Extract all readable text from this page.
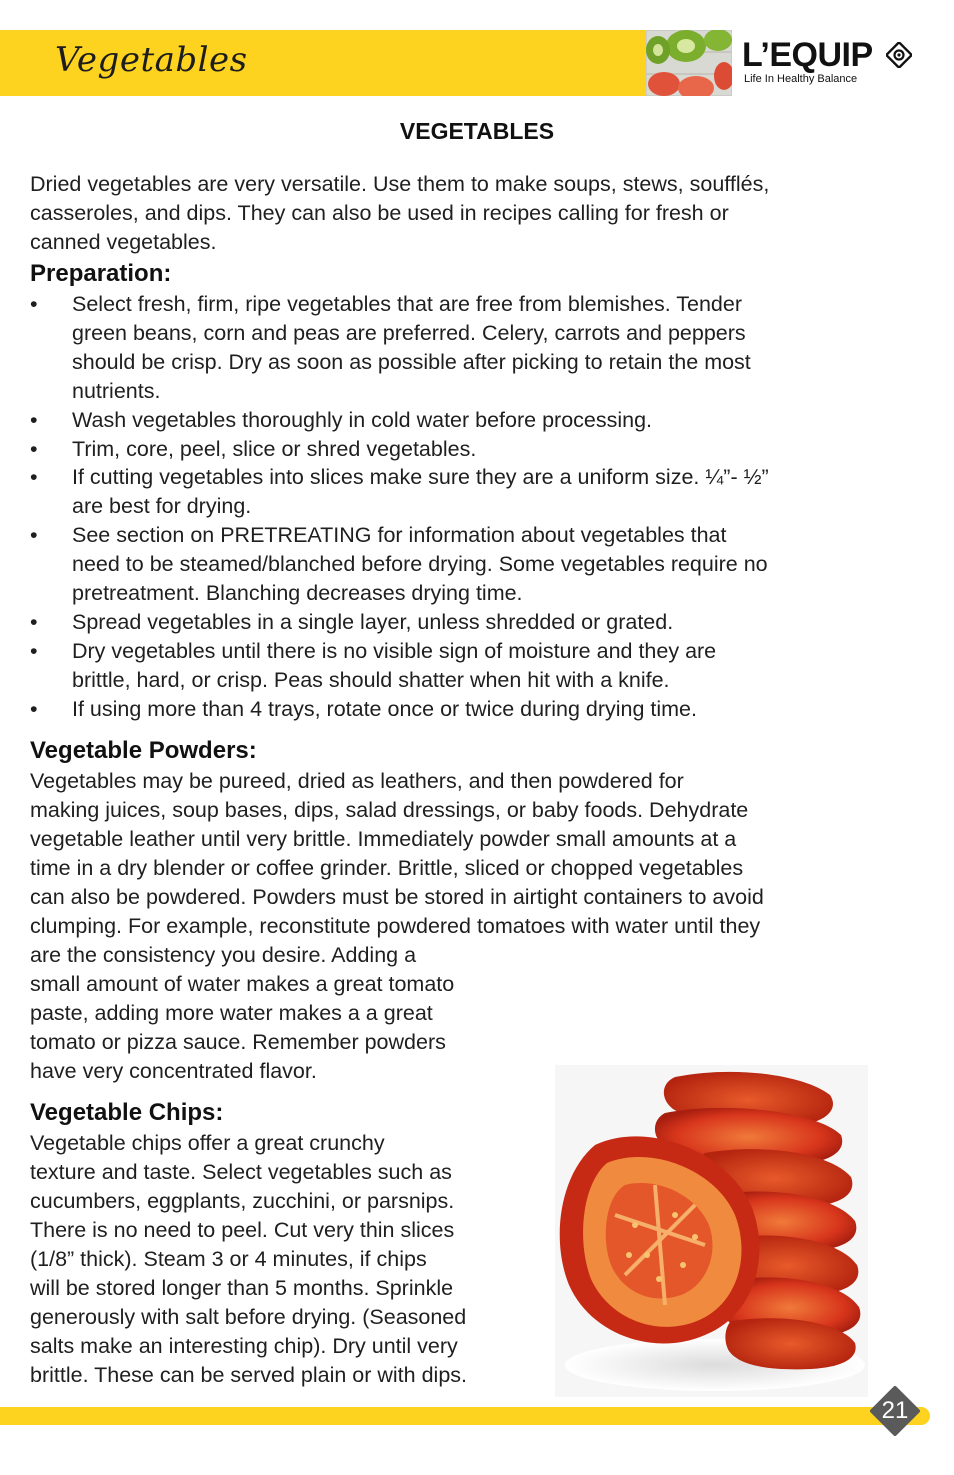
Vegetables	L’EQUIP
Life In Healthy Balance
VEGETABLES
Dried vegetables are very versatile. Use them to make soups, stews, soufflés,
casseroles, and dips. They can also be used in recipes calling for fresh or
canned vegetables.
Preparation:
• Select fresh, firm, ripe vegetables that are free from blemishes. Tender
green beans, corn and peas are preferred. Celery, carrots and peppers
should be crisp. Dry as soon as possible after picking to retain the most
nutrients.
• Wash vegetables thoroughly in cold water before processing.
• Trim, core, peel, slice or shred vegetables.
• If cutting vegetables into slices make sure they are a uniform size. ¼”- ½”
are best for drying.
• See section on PRETREATING for information about vegetables that
need to be steamed/blanched before drying. Some vegetables require no
pretreatment. Blanching decreases drying time.
• Spread vegetables in a single layer, unless shredded or grated.
• Dry vegetables until there is no visible sign of moisture and they are
brittle, hard, or crisp. Peas should shatter when hit with a knife.
• If using more than 4 trays, rotate once or twice during drying time.
Vegetable Powders:
Vegetables may be pureed, dried as leathers, and then powdered for
making juices, soup bases, dips, salad dressings, or baby foods. Dehydrate
vegetable leather until very brittle. Immediately powder small amounts at a
time in a dry blender or coffee grinder. Brittle, sliced or chopped vegetables
can also be powdered. Powders must be stored in airtight containers to avoid
clumping. For example, reconstitute powdered tomatoes with water until they
are the consistency you desire. Adding a
small amount of water makes a great tomato
paste, adding more water makes a a great
tomato or pizza sauce. Remember powders
have very concentrated flavor.
Vegetable Chips:
Vegetable chips offer a great crunchy
texture and taste. Select vegetables such as
cucumbers, eggplants, zucchini, or parsnips.
There is no need to peel. Cut very thin slices
(1/8” thick). Steam 3 or 4 minutes, if chips
will be stored longer than 5 months. Sprinkle
generously with salt before drying. (Seasoned
salts make an interesting chip). Dry until very
brittle. These can be served plain or with dips.
21
